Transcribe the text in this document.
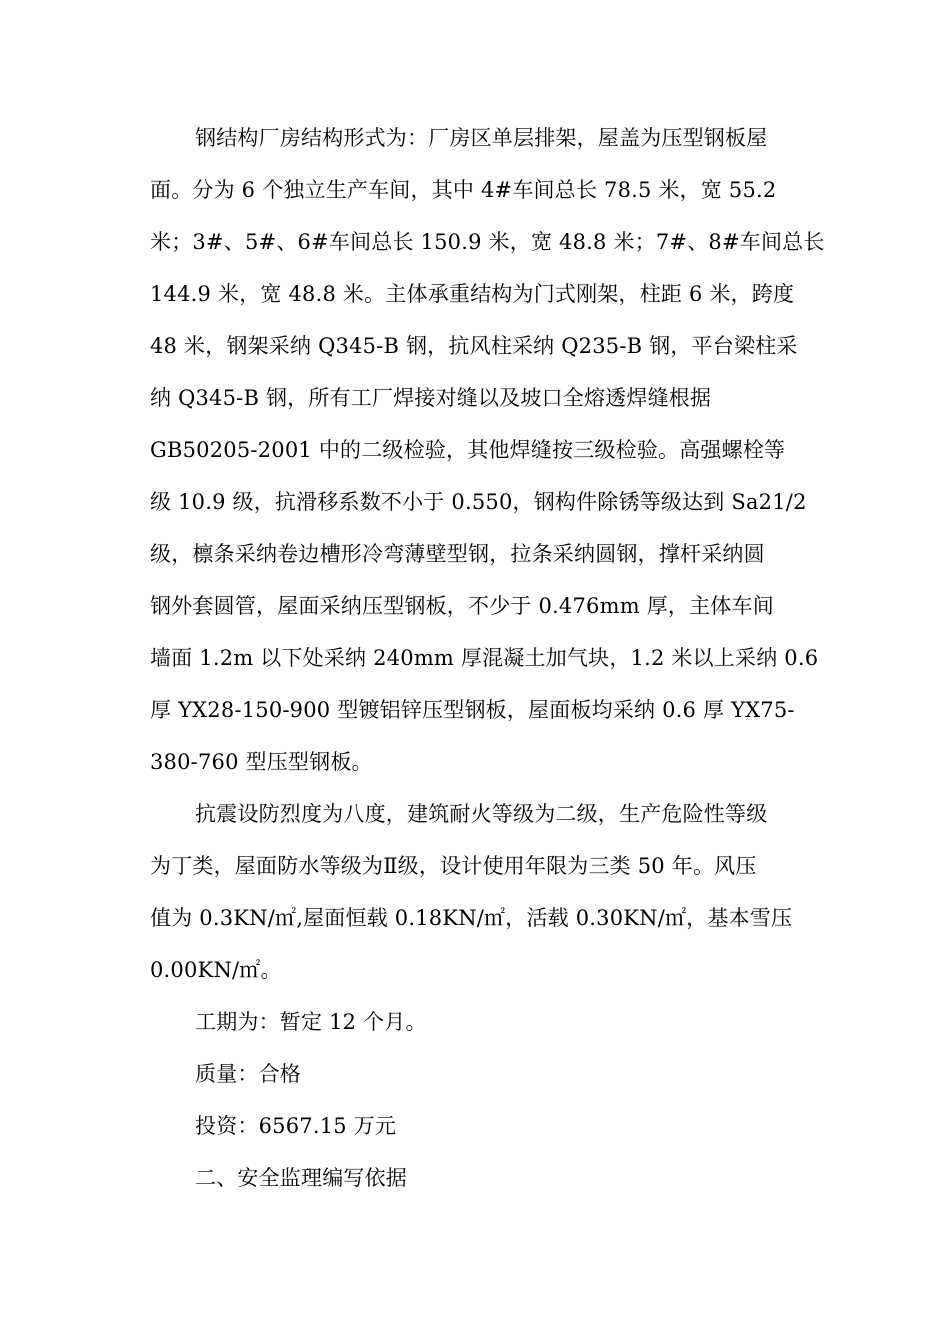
钢结构厂房结构形式为：厂房区单层排架，屋盖为压型钢板屋
面。分为 6 个独立生产车间，其中 4#车间总长 78.5 米，宽 55.2
米；3#、5#、6#车间总长 150.9 米，宽 48.8 米；7#、8#车间总长
144.9 米，宽 48.8 米。主体承重结构为门式刚架，柱距 6 米，跨度
48 米，钢架采纳 Q345-B 钢，抗风柱采纳 Q235-B 钢，平台梁柱采
纳 Q345-B 钢，所有工厂焊接对缝以及坡口全熔透焊缝根据
GB50205-2001 中的二级检验，其他焊缝按三级检验。高强螺栓等
级 10.9 级，抗滑移系数不小于 0.550，钢构件除锈等级达到 Sa21/2
级，檩条采纳卷边槽形冷弯薄壁型钢，拉条采纳圆钢，撑杆采纳圆
钢外套圆管，屋面采纳压型钢板，不少于 0.476mm 厚，主体车间
墙面 1.2m 以下处采纳 240mm 厚混凝土加气块，1.2 米以上采纳 0.6
厚 YX28-150-900 型镀铝锌压型钢板，屋面板均采纳 0.6 厚 YX75-
380-760 型压型钢板。
抗震设防烈度为八度，建筑耐火等级为二级，生产危险性等级
为丁类，屋面防水等级为Ⅱ级，设计使用年限为三类 50 年。风压
值为 0.3KN/㎡,屋面恒载 0.18KN/㎡，活载 0.30KN/㎡，基本雪压
0.00KN/㎡。
工期为：暂定 12 个月。
质量：合格
投资：6567.15 万元
二、安全监理编写依据
